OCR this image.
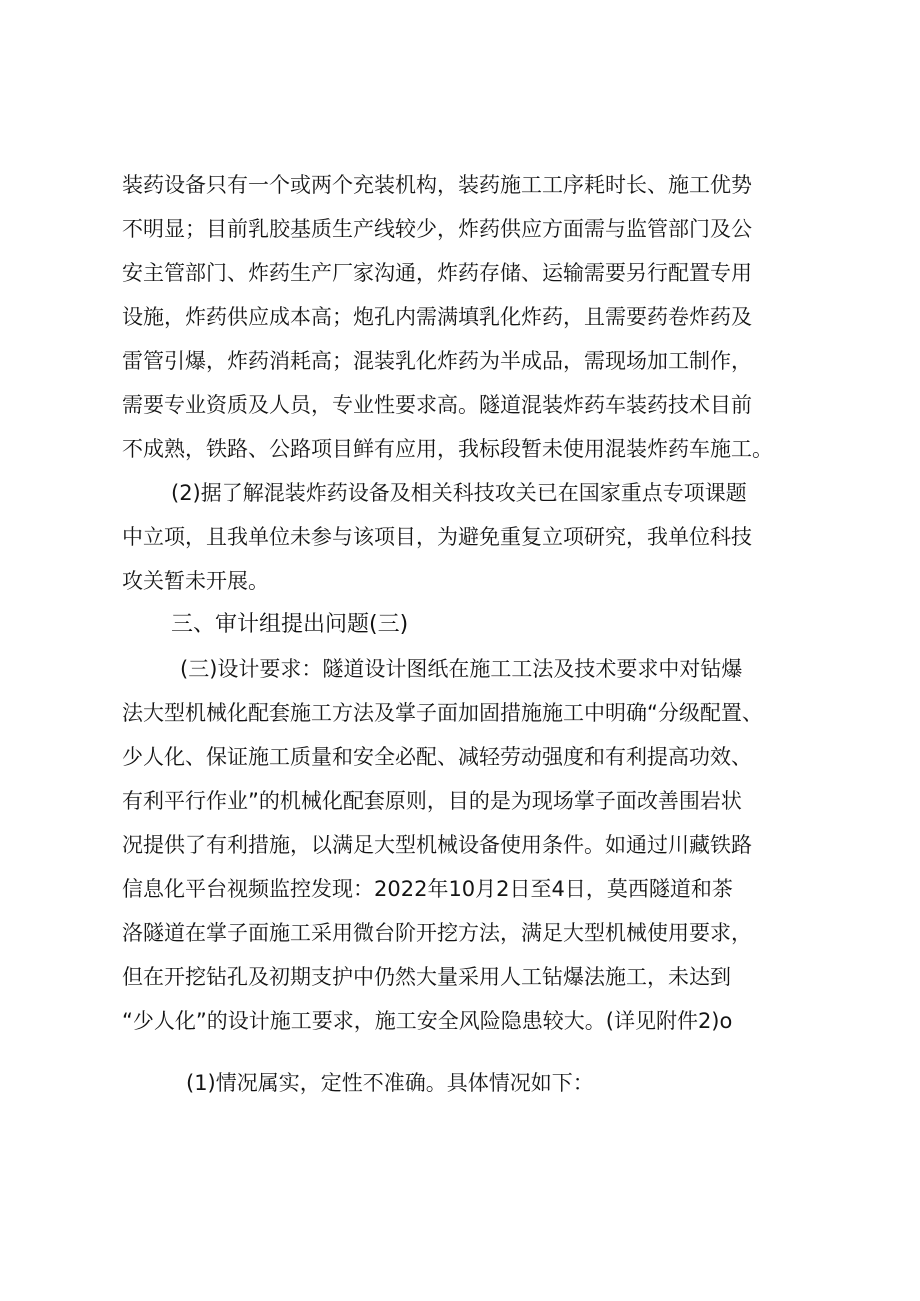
装药设备只有一个或两个充装机构，装药施工工序耗时长、施工优势

不明显；目前乳胶基质生产线较少，炸药供应方面需与监管部门及公

安主管部门、炸药生产厂家沟通，炸药存储、运输需要另行配置专用

设施，炸药供应成本高；炮孔内需满填乳化炸药，且需要药卷炸药及

雷管引爆，炸药消耗高；混装乳化炸药为半成品，需现场加工制作，

需要专业资质及人员，专业性要求高。隧道混装炸药车装药技术目前

不成熟，铁路、公路项目鲜有应用，我标段暂未使用混装炸药车施工。

(2)据了解混装炸药设备及相关科技攻关已在国家重点专项课题

中立项，且我单位未参与该项目，为避免重复立项研究，我单位科技

攻关暂未开展。

三、审计组提出问题(三)

(三)设计要求：隧道设计图纸在施工工法及技术要求中对钻爆

法大型机械化配套施工方法及掌子面加固措施施工中明确“分级配置、

少人化、保证施工质量和安全必配、减轻劳动强度和有利提高功效、

有利平行作业”的机械化配套原则，目的是为现场掌子面改善围岩状

况提供了有利措施，以满足大型机械设备使用条件。如通过川藏铁路

信息化平台视频监控发现：2022年10月2日至4日，莫西隧道和茶

洛隧道在掌子面施工采用微台阶开挖方法，满足大型机械使用要求，

但在开挖钻孔及初期支护中仍然大量采用人工钻爆法施工，未达到

“少人化”的设计施工要求，施工安全风险隐患较大。(详见附件2)o

(1)情况属实，定性不准确。具体情况如下：
